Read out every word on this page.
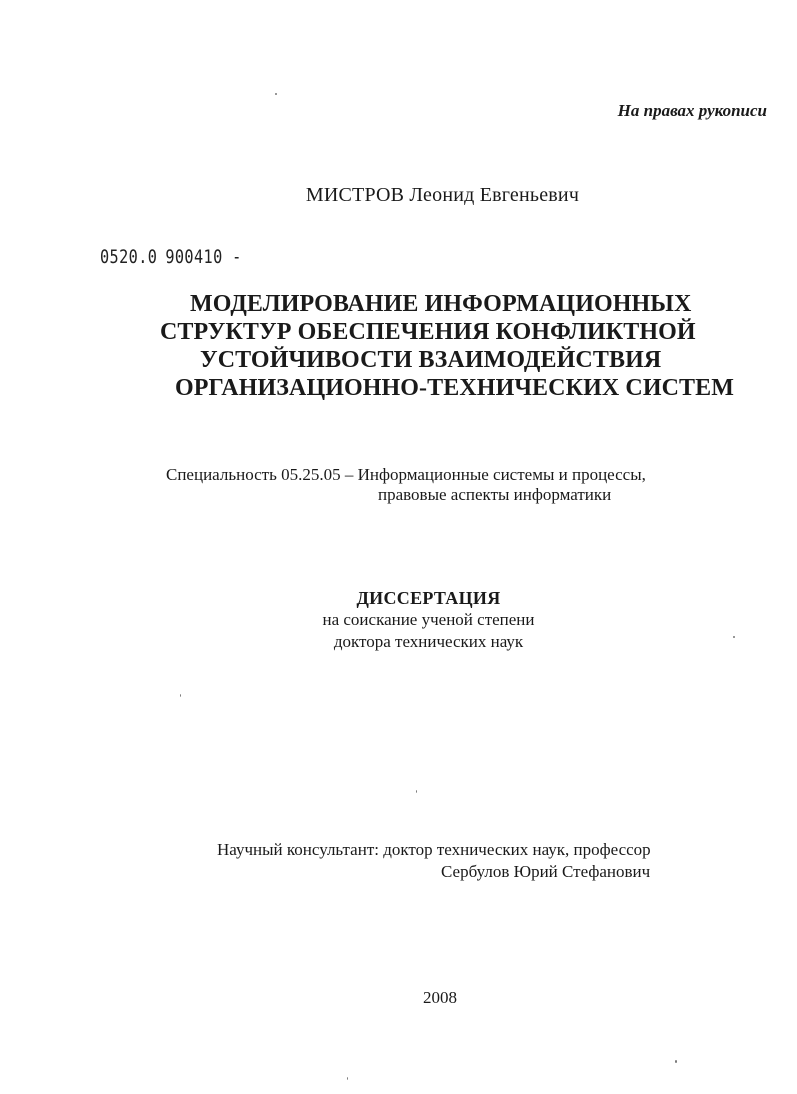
На правах рукописи

МИСТРОВ Леонид Евгеньевич

0520.0 900410 -

МОДЕЛИРОВАНИЕ ИНФОРМАЦИОННЫХ

СТРУКТУР ОБЕСПЕЧЕНИЯ КОНФЛИКТНОЙ

УСТОЙЧИВОСТИ ВЗАИМОДЕЙСТВИЯ

ОРГАНИЗАЦИОННО-ТЕХНИЧЕСКИХ СИСТЕМ

Специальность 05.25.05 – Информационные системы и процессы,

правовые аспекты информатики

ДИССЕРТАЦИЯ

на соискание ученой степени

доктора технических наук

Научный консультант: доктор технических наук, профессор

Сербулов Юрий Стефанович

2008
